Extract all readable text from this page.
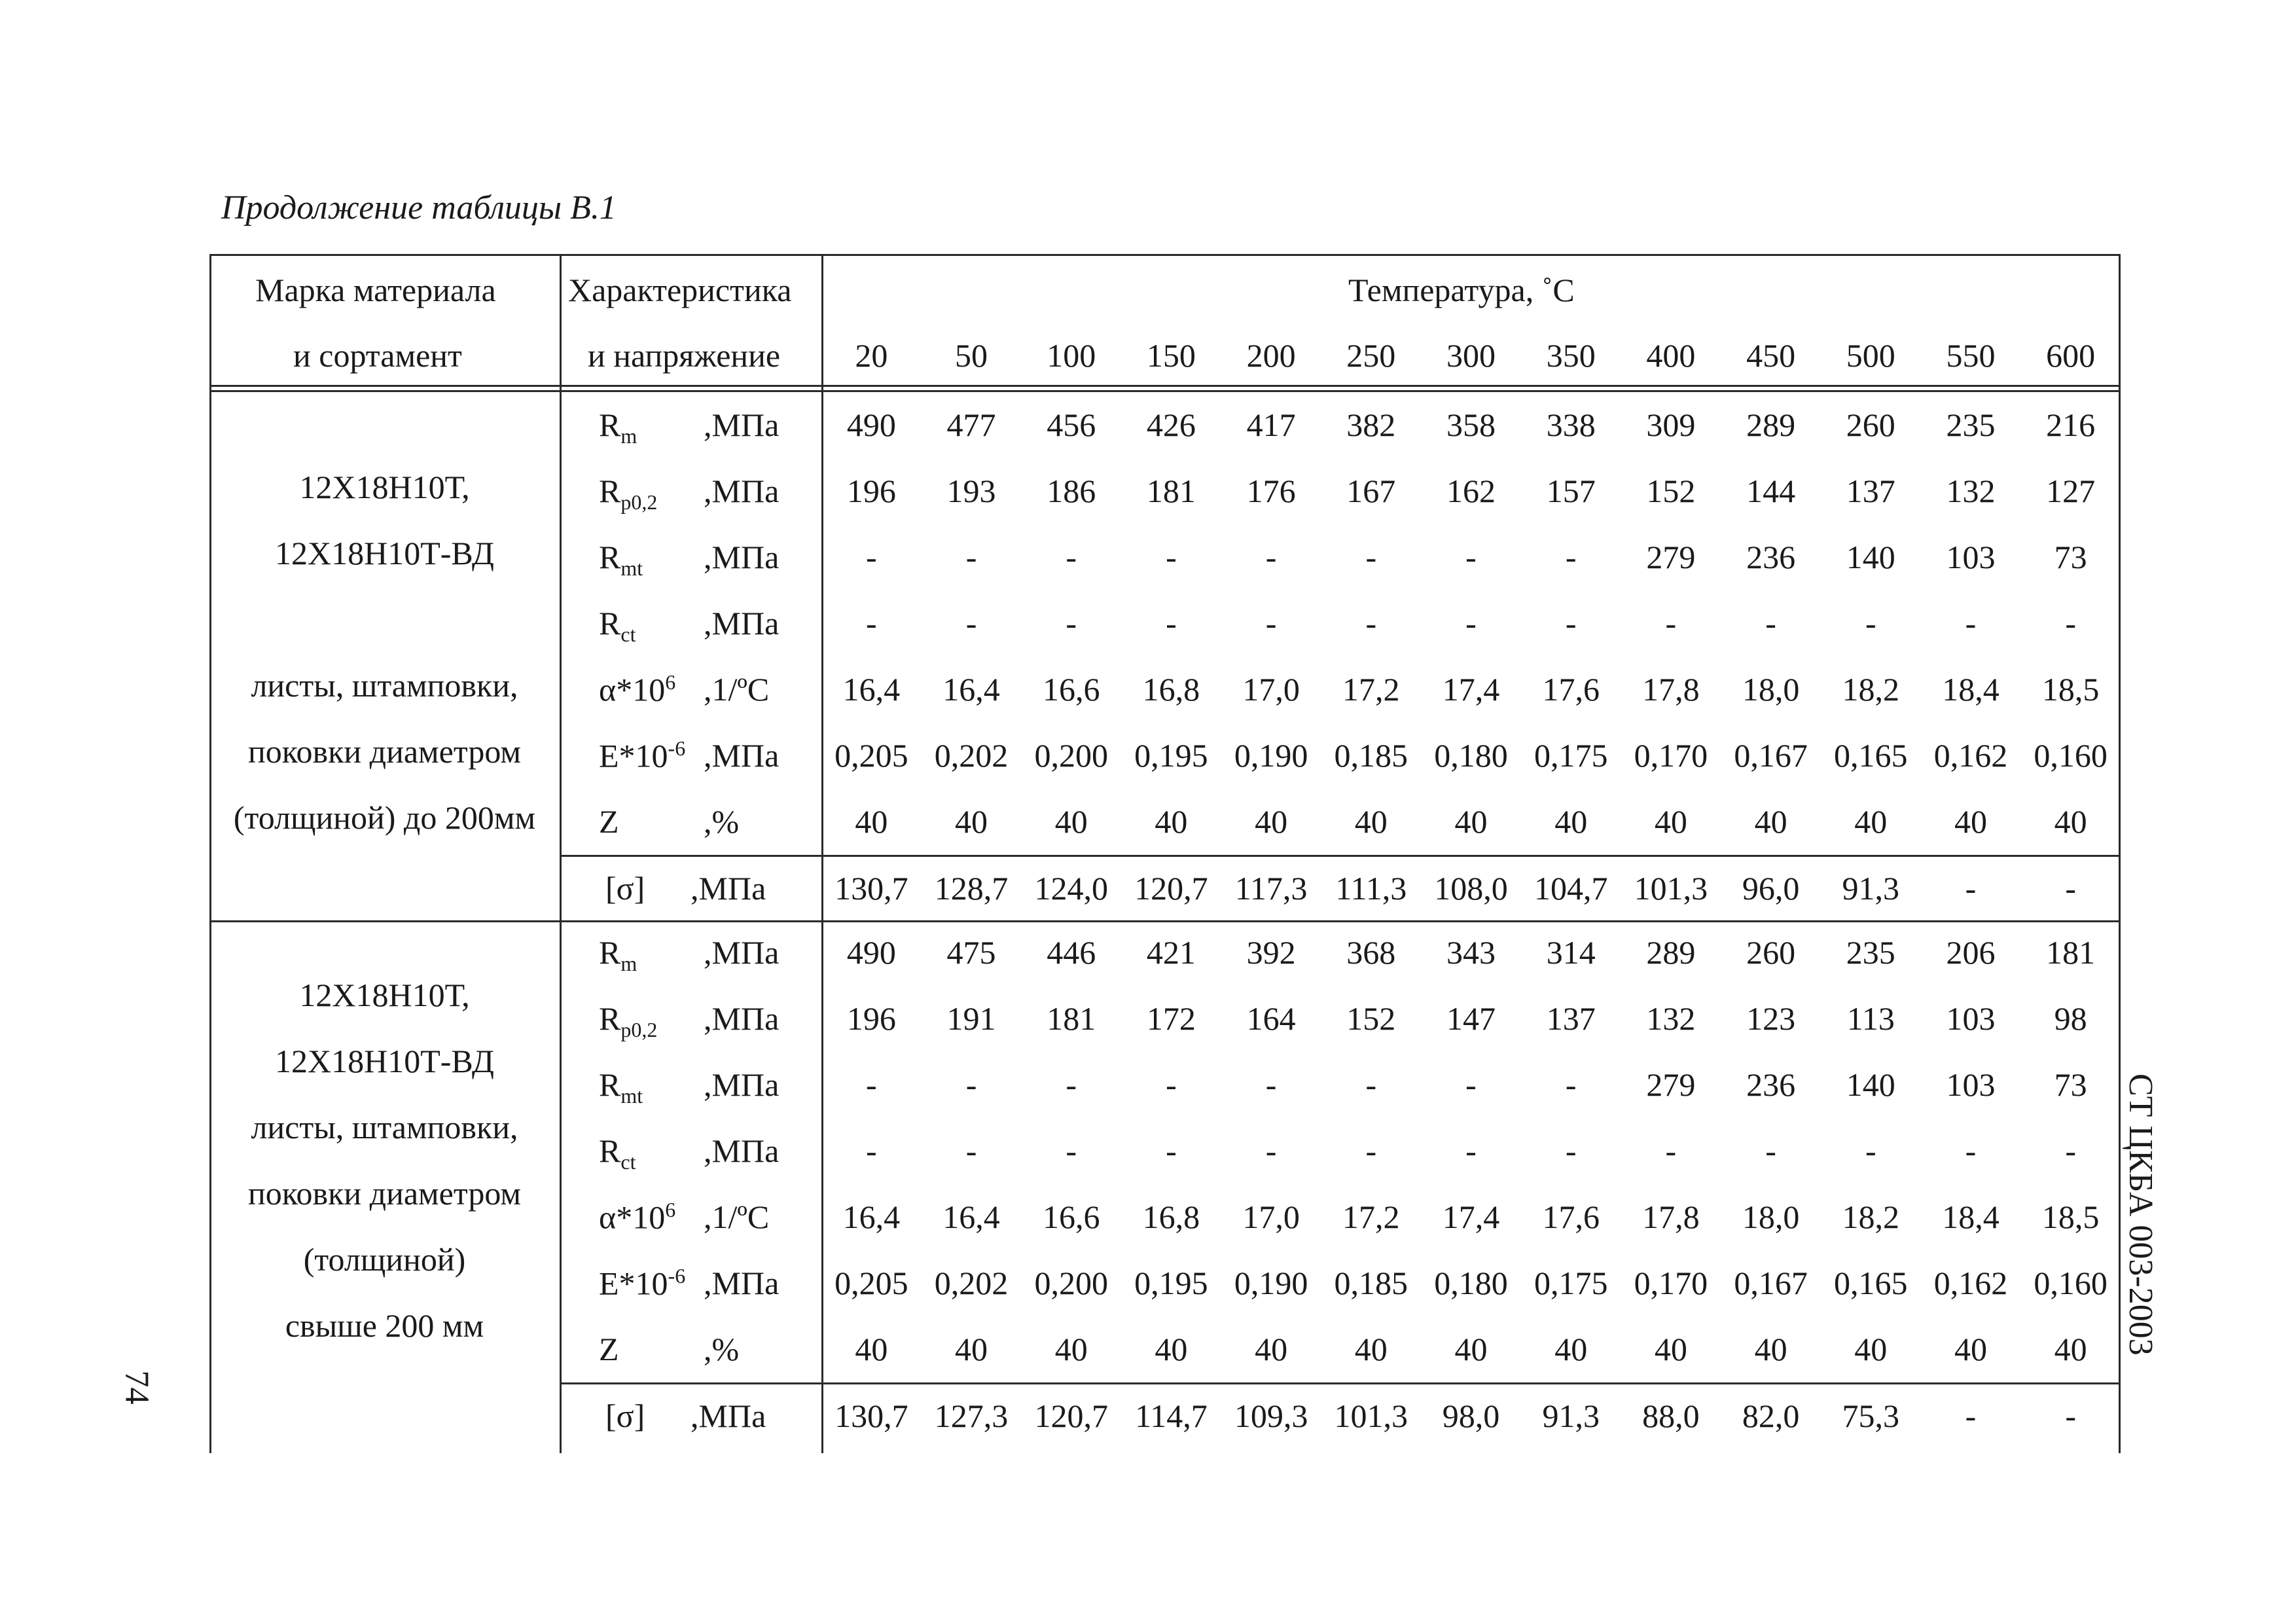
Продолжение таблицы В.1
Марка материала
и сортамент
Характеристика
и напряжение
Температура, ˚С
20 50 100 150 200 250 300 350 400 450 500 550 600
12Х18Н10Т,
12Х18Н10Т-ВД
листы, штамповки,
поковки диаметром
(толщиной) до 200мм
$R_m$ ,МПа 490 477 456 426 417 382 358 338 309 289 260 235 216
$R_{p0,2}$ ,МПа 196 193 186 181 176 167 162 157 152 144 137 132 127
$R_{mt}$ ,МПа	-	-	-	-	-	-	-	- 279 236 140 103 73
$R_{ct}$ ,МПа	-	-	-	-	-	-	-	-	-	-	-	-	-
$\alpha*10^6$ ,1/ºС 16,4 16,4 16,6 16,8 17,0 17,2 17,4 17,6 17,8 18,0 18,2 18,4 18,5
$E*10^{-6}$ ,МПа 0,205 0,202 0,200 0,195 0,190 0,185 0,180 0,175 0,170 0,167 0,165 0,162 0,160
Z	,%	40 40 40 40 40 40 40 40 40 40 40 40 40
[σ] ,МПа 130,7 128,7 124,0 120,7 117,3 111,3 108,0 104,7 101,3 96,0 91,3 -	-
12Х18Н10Т,
12Х18Н10Т-ВД
листы, штамповки,
поковки диаметром
(толщиной)
свыше 200 мм
$R_m$ ,МПа 490 475 446 421 392 368 343 314 289 260 235 206 181
$R_{p0,2}$ ,МПа 196 191 181 172 164 152 147 137 132 123 113 103 98
$R_{mt}$ ,МПа	-	-	-	-	-	-	-	- 279 236 140 103 73
$R_{ct}$ ,МПа	-	-	-	-	-	-	-	-	-	-	-	-	-
$\alpha*10^6$ ,1/ºС 16,4 16,4 16,6 16,8 17,0 17,2 17,4 17,6 17,8 18,0 18,2 18,4 18,5
$E*10^{-6}$ ,МПа 0,205 0,202 0,200 0,195 0,190 0,185 0,180 0,175 0,170 0,167 0,165 0,162 0,160
Z	,%	40 40 40 40 40 40 40 40 40 40 40 40 40
[σ] ,МПа 130,7 127,3 120,7 114,7 109,3 101,3 98,0 91,3 88,0 82,0 75,3 -	-
СТ ЦКБА 003-2003
74
